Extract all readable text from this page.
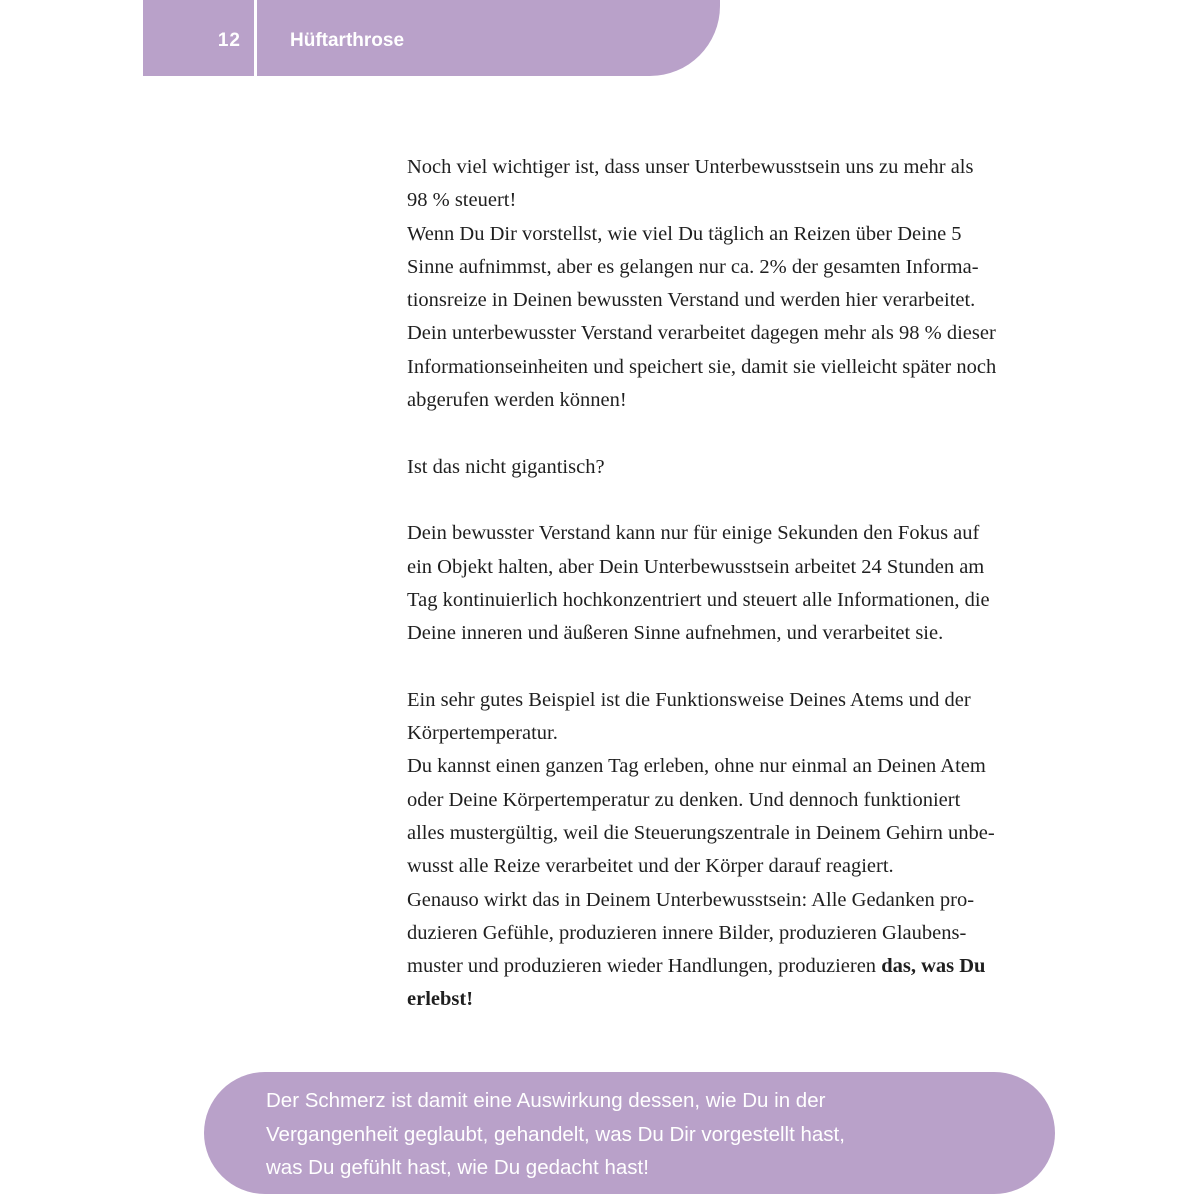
12	Hüftarthrose
Noch viel wichtiger ist, dass unser Unterbewusstsein uns zu mehr als
98 % steuert!
Wenn Du Dir vorstellst, wie viel Du täglich an Reizen über Deine 5
Sinne aufnimmst, aber es gelangen nur ca. 2% der gesamten Informa-
tionsreize in Deinen bewussten Verstand und werden hier verarbeitet.
Dein unterbewusster Verstand verarbeitet dagegen mehr als 98 % dieser
Informationseinheiten und speichert sie, damit sie vielleicht später noch
abgerufen werden können!
Ist das nicht gigantisch?
Dein bewusster Verstand kann nur für einige Sekunden den Fokus auf
ein Objekt halten, aber Dein Unterbewusstsein arbeitet 24 Stunden am
Tag kontinuierlich hochkonzentriert und steuert alle Informationen, die
Deine inneren und äußeren Sinne aufnehmen, und verarbeitet sie.
Ein sehr gutes Beispiel ist die Funktionsweise Deines Atems und der
Körpertemperatur.
Du kannst einen ganzen Tag erleben, ohne nur einmal an Deinen Atem
oder Deine Körpertemperatur zu denken. Und dennoch funktioniert
alles mustergültig, weil die Steuerungszentrale in Deinem Gehirn unbe-
wusst alle Reize verarbeitet und der Körper darauf reagiert.
Genauso wirkt das in Deinem Unterbewusstsein: Alle Gedanken pro-
duzieren Gefühle, produzieren innere Bilder, produzieren Glaubens-
muster und produzieren wieder Handlungen, produzieren das, was Du
erlebst!
Der Schmerz ist damit eine Auswirkung dessen, wie Du in der
Vergangenheit geglaubt, gehandelt, was Du Dir vorgestellt hast,
was Du gefühlt hast, wie Du gedacht hast!
